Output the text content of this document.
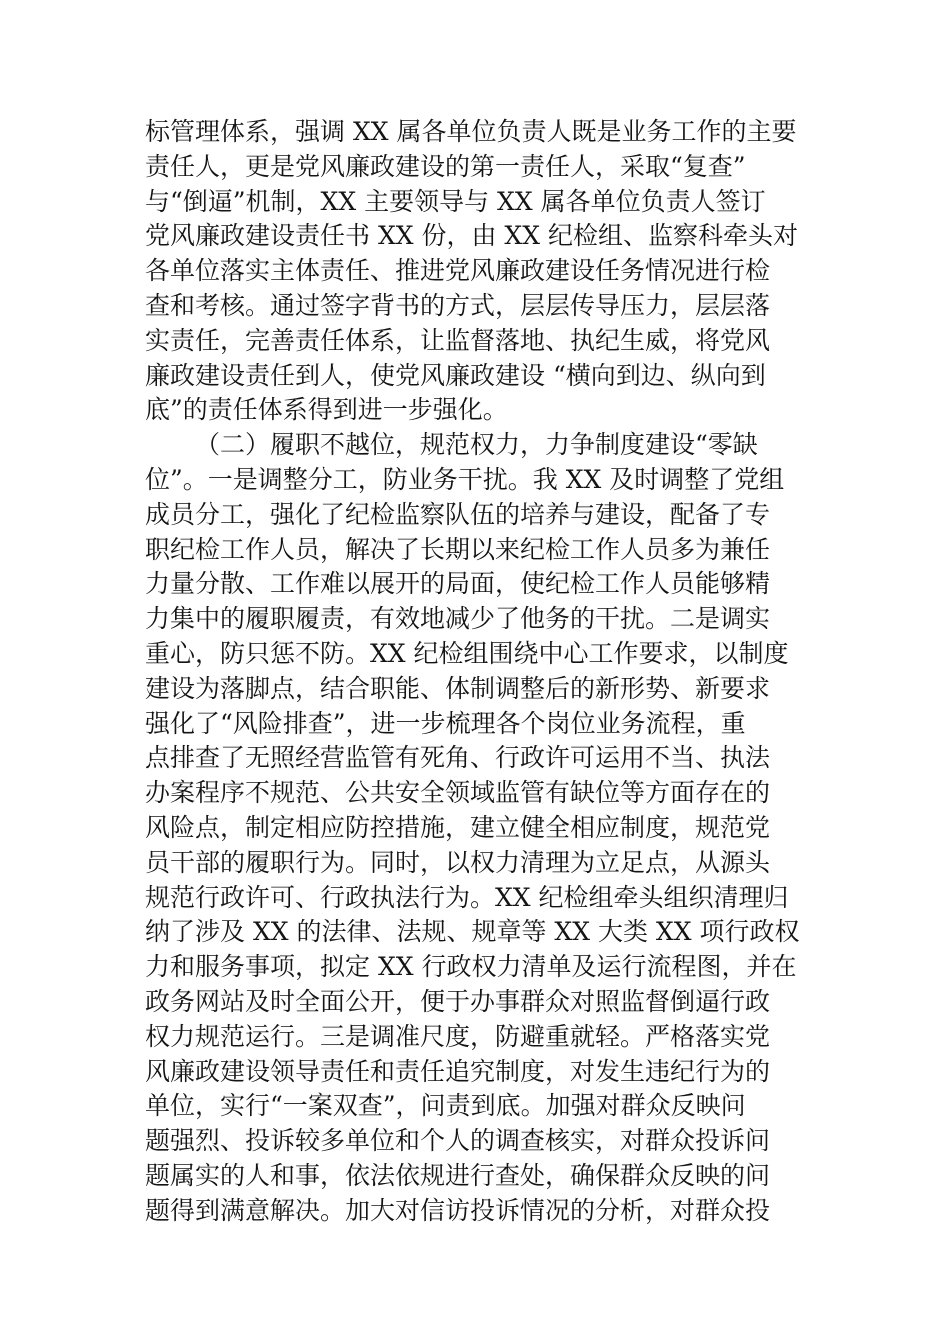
标管理体系，强调 XX 属各单位负责人既是业务工作的主要
责任人，更是党风廉政建设的第一责任人，采取“复查”
与“倒逼”机制，XX 主要领导与 XX 属各单位负责人签订
党风廉政建设责任书 XX 份，由 XX 纪检组、监察科牵头对
各单位落实主体责任、推进党风廉政建设任务情况进行检
查和考核。通过签字背书的方式，层层传导压力，层层落
实责任，完善责任体系，让监督落地、执纪生威，将党风
廉政建设责任到人，使党风廉政建设 “横向到边、纵向到
底”的责任体系得到进一步强化。
（二）履职不越位，规范权力，力争制度建设“零缺
位”。一是调整分工，防业务干扰。我 XX 及时调整了党组
成员分工，强化了纪检监察队伍的培养与建设，配备了专
职纪检工作人员，解决了长期以来纪检工作人员多为兼任
力量分散、工作难以展开的局面，使纪检工作人员能够精
力集中的履职履责，有效地减少了他务的干扰。二是调实
重心，防只惩不防。XX 纪检组围绕中心工作要求，以制度
建设为落脚点，结合职能、体制调整后的新形势、新要求
强化了“风险排查”，进一步梳理各个岗位业务流程，重
点排查了无照经营监管有死角、行政许可运用不当、执法
办案程序不规范、公共安全领域监管有缺位等方面存在的
风险点，制定相应防控措施，建立健全相应制度，规范党
员干部的履职行为。同时，以权力清理为立足点，从源头
规范行政许可、行政执法行为。XX 纪检组牵头组织清理归
纳了涉及 XX 的法律、法规、规章等 XX 大类 XX 项行政权
力和服务事项，拟定 XX 行政权力清单及运行流程图，并在
政务网站及时全面公开，便于办事群众对照监督倒逼行政
权力规范运行。三是调准尺度，防避重就轻。严格落实党
风廉政建设领导责任和责任追究制度，对发生违纪行为的
单位，实行“一案双查”，问责到底。加强对群众反映问
题强烈、投诉较多单位和个人的调查核实，对群众投诉问
题属实的人和事，依法依规进行查处，确保群众反映的问
题得到满意解决。加大对信访投诉情况的分析，对群众投
